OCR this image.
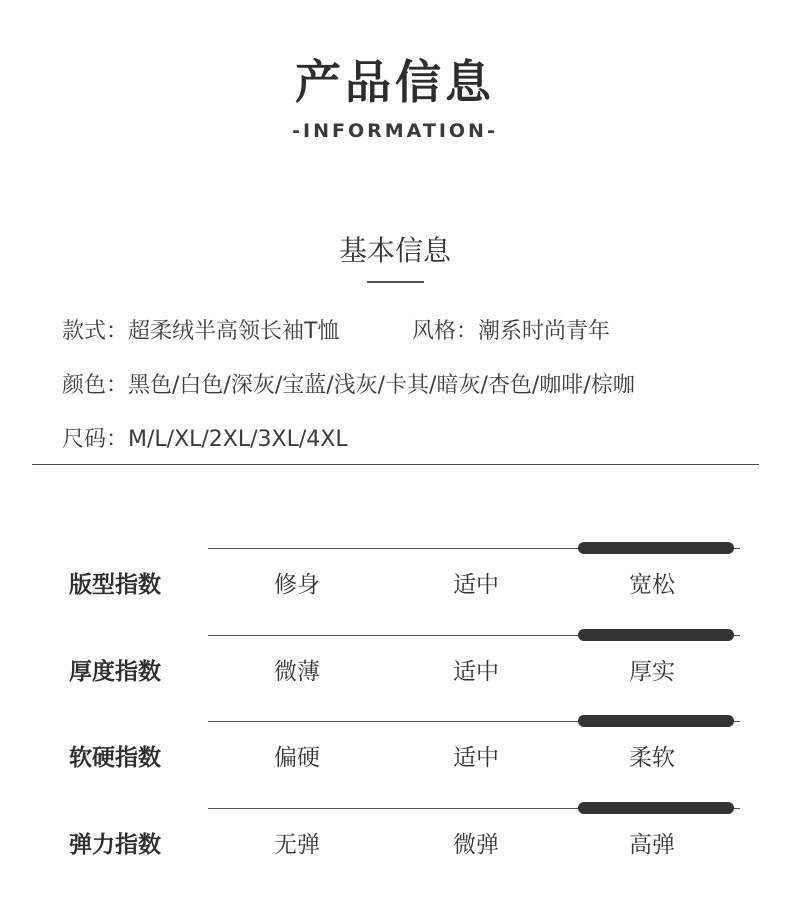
产品信息
-INFORMATION-
基本信息
款式：超柔绒半高领长袖T恤	风格：潮系时尚青年
颜色：黑色/白色/深灰/宝蓝/浅灰/卡其/暗灰/杏色/咖啡/棕咖
尺码：M/L/XL/2XL/3XL/4XL
版型指数	修身	适中	宽松
厚度指数	微薄	适中	厚实
软硬指数	偏硬	适中	柔软
弹力指数	无弹	微弹	高弹
